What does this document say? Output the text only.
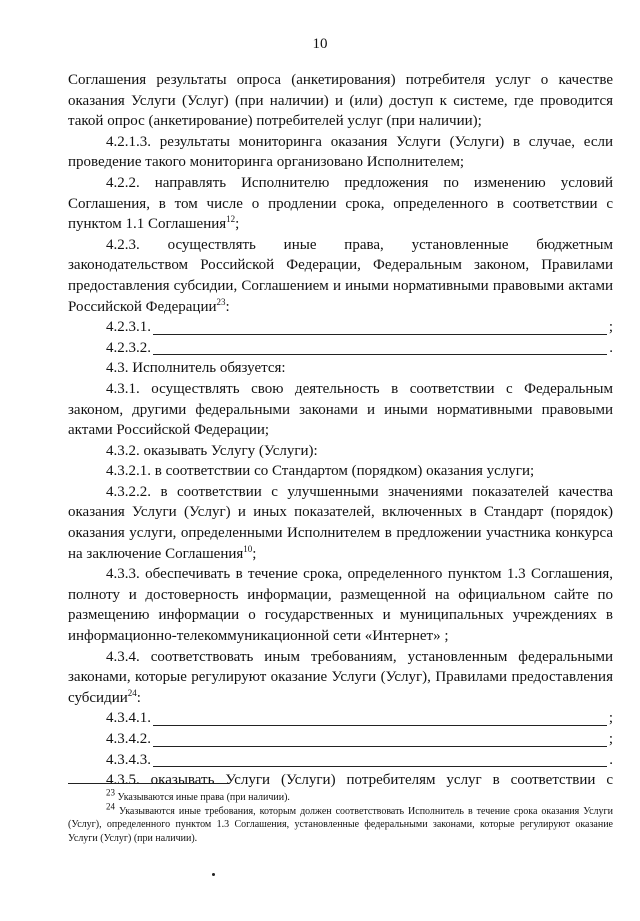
10

Соглашения результаты опроса (анкетирования) потребителя услуг о качестве оказания Услуги (Услуг) (при наличии) и (или) доступ к системе, где проводится такой опрос (анкетирование) потребителей услуг (при наличии);

4.2.1.3. результаты мониторинга оказания Услуги (Услуги) в случае, если проведение такого мониторинга организовано Исполнителем;

4.2.2. направлять Исполнителю предложения по изменению условий Соглашения, в том числе о продлении срока, определенного в соответствии с пунктом 1.1 Соглашения$^{12}$;

4.2.3. осуществлять иные права, установленные бюджетным законодательством Российской Федерации, Федеральным законом, Правилами предоставления субсидии, Соглашением и иными нормативными правовыми актами Российской Федерации$^{23}$:

4.2.3.1.	;
4.2.3.2.	.

4.3. Исполнитель обязуется:

4.3.1. осуществлять свою деятельность в соответствии с Федеральным законом, другими федеральными законами и иными нормативными правовыми актами Российской Федерации;

4.3.2. оказывать Услугу (Услуги):

4.3.2.1. в соответствии со Стандартом (порядком) оказания услуги;

4.3.2.2. в соответствии с улучшенными значениями показателей качества оказания Услуги (Услуг) и иных показателей, включенных в Стандарт (порядок) оказания услуги, определенными Исполнителем в предложении участника конкурса на заключение Соглашения$^{10}$;

4.3.3. обеспечивать в течение срока, определенного пунктом 1.3 Соглашения, полноту и достоверность информации, размещенной на официальном сайте по размещению информации о государственных и муниципальных учреждениях в информационно-телекоммуникационной сети «Интернет» ;

4.3.4. соответствовать иным требованиям, установленным федеральными законами, которые регулируют оказание Услуги (Услуг), Правилами предоставления субсидии$^{24}$:

4.3.4.1.	;
4.3.4.2.	;
4.3.4.3.	.

4.3.5. оказывать Услуги (Услуги) потребителям услуг в соответствии с

$^{23}$ Указываются иные права (при наличии).

$^{24}$ Указываются иные требования, которым должен соответствовать Исполнитель в течение срока оказания Услуги (Услуг), определенного пунктом 1.3 Соглашения, установленные федеральными законами, которые регулируют оказание Услуги (Услуг) (при наличии).
